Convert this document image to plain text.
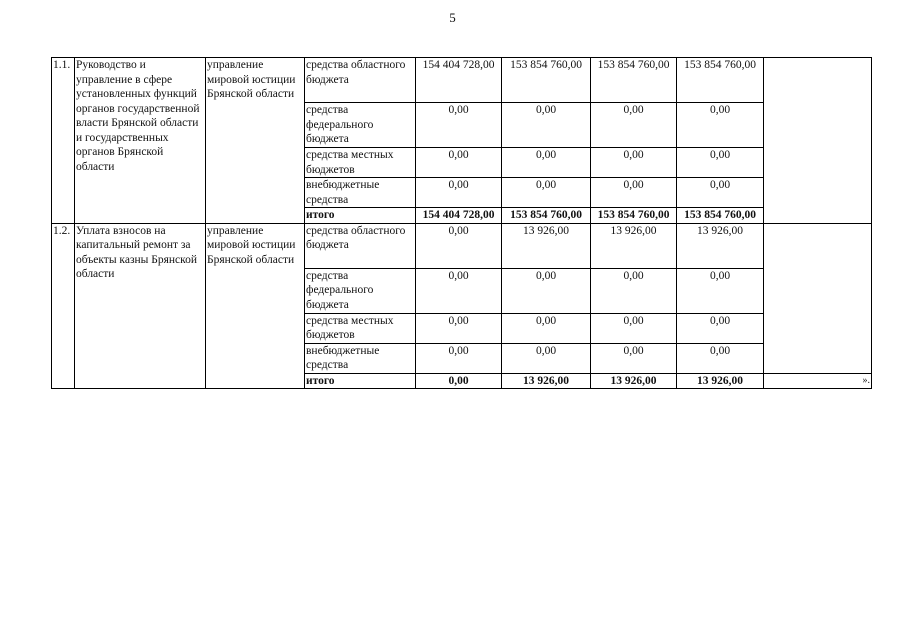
5
1.1.	Руководство и управление в сфере установленных функций органов государственной власти Брянской области и государственных органов Брянской области	управление мировой юстиции Брянской области	средства областного бюджета	154 404 728,00	153 854 760,00	153 854 760,00	153 854 760,00	
			средства федерального бюджета	0,00	0,00	0,00	0,00	
			средства местных бюджетов	0,00	0,00	0,00	0,00	
			внебюджетные средства	0,00	0,00	0,00	0,00	
			итого	154 404 728,00	153 854 760,00	153 854 760,00	153 854 760,00	
1.2.	Уплата взносов на капитальный ремонт за объекты казны Брянской области	управление мировой юстиции Брянской области	средства областного бюджета	0,00	13 926,00	13 926,00	13 926,00	
			средства федерального бюджета	0,00	0,00	0,00	0,00	
			средства местных бюджетов	0,00	0,00	0,00	0,00	
			внебюджетные средства	0,00	0,00	0,00	0,00	
			итого	0,00	13 926,00	13 926,00	13 926,00	».
